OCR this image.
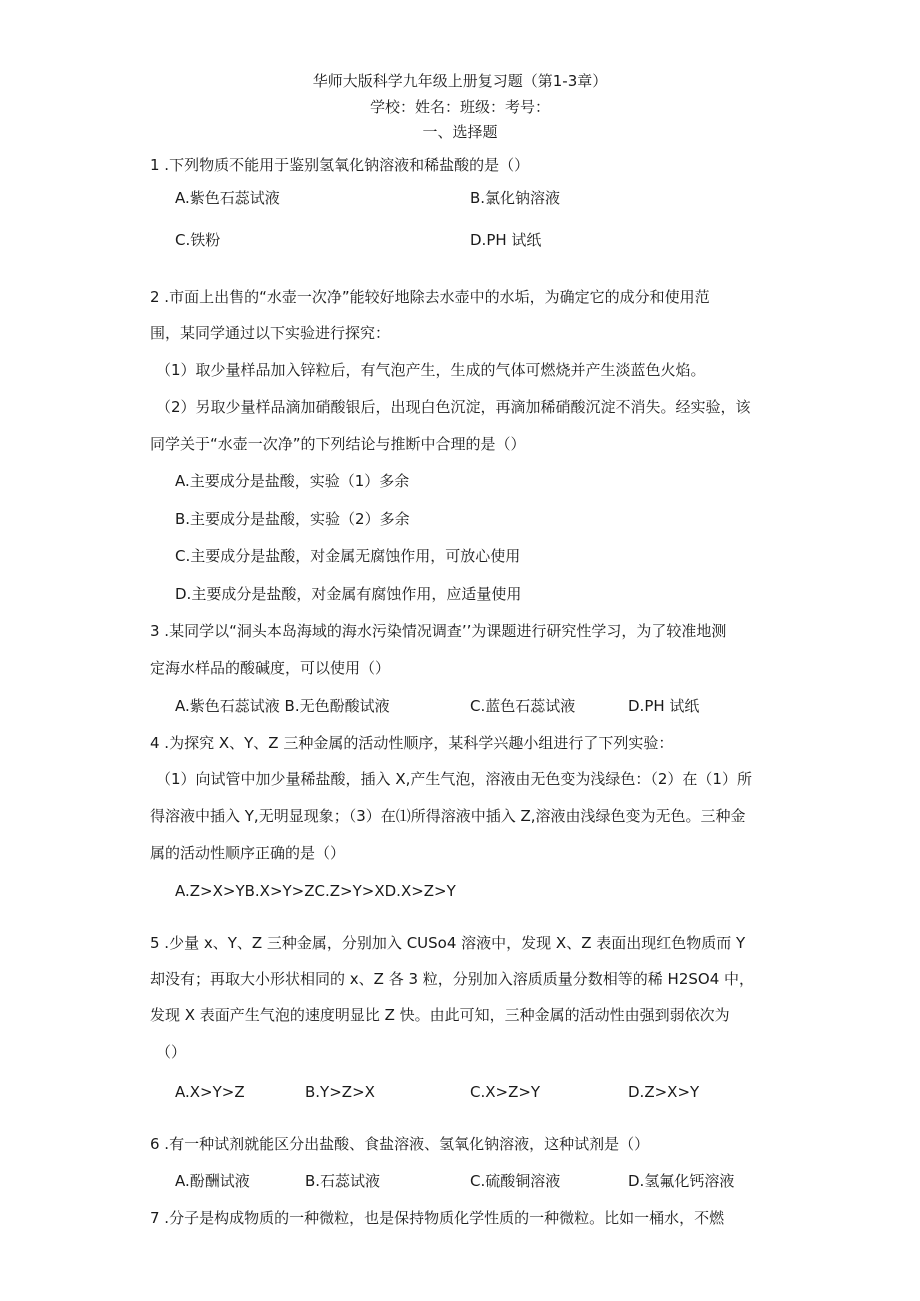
华师大版科学九年级上册复习题（第1-3章）
学校：姓名：班级：考号：
一、选择题
1 .下列物质不能用于鉴别氢氧化钠溶液和稀盐酸的是（）
A.紫色石蕊试液	B.氯化钠溶液
C.铁粉	D.PH 试纸
2 .市面上出售的“水壶一次净”能较好地除去水壶中的水垢，为确定它的成分和使用范
围，某同学通过以下实验进行探究：
（1）取少量样品加入锌粒后，有气泡产生，生成的气体可燃烧并产生淡蓝色火焰。
（2）另取少量样品滴加硝酸银后，出现白色沉淀，再滴加稀硝酸沉淀不消失。经实验，该
同学关于“水壶一次净”的下列结论与推断中合理的是（）
A.主要成分是盐酸，实验（1）多余
B.主要成分是盐酸，实验（2）多余
C.主要成分是盐酸，对金属无腐蚀作用，可放心使用
D.主要成分是盐酸，对金属有腐蚀作用，应适量使用
3 .某同学以“洞头本岛海域的海水污染情况调查’’为课题进行研究性学习，为了较准地测
定海水样品的酸碱度，可以使用（）
A.紫色石蕊试液 B.无色酚酸试液	C.蓝色石蕊试液	D.PH 试纸
4 .为探究 X、Y、Z 三种金属的活动性顺序，某科学兴趣小组进行了下列实验：
（1）向试管中加少量稀盐酸，插入 X,产生气泡，溶液由无色变为浅绿色：（2）在（1）所
得溶液中插入 Y,无明显现象；（3）在⑴所得溶液中插入 Z,溶液由浅绿色变为无色。三种金
属的活动性顺序正确的是（）
A.Z>X>YB.X>Y>ZC.Z>Y>XD.X>Z>Y
5 .少量 x、Y、Z 三种金属，分别加入 CUSo4 溶液中，发现 X、Z 表面出现红色物质而 Y
却没有；再取大小形状相同的 x、Z 各 3 粒，分别加入溶质质量分数相等的稀 H2SO4 中，
发现 X 表面产生气泡的速度明显比 Z 快。由此可知，三种金属的活动性由强到弱依次为
（）
A.X>Y>Z	B.Y>Z>X	C.X>Z>Y	D.Z>X>Y
6 .有一种试剂就能区分出盐酸、食盐溶液、氢氧化钠溶液，这种试剂是（）
A.酚酬试液	B.石蕊试液	C.硫酸铜溶液	D.氢氟化钙溶液
7 .分子是构成物质的一种微粒，也是保持物质化学性质的一种微粒。比如一桶水，不燃
